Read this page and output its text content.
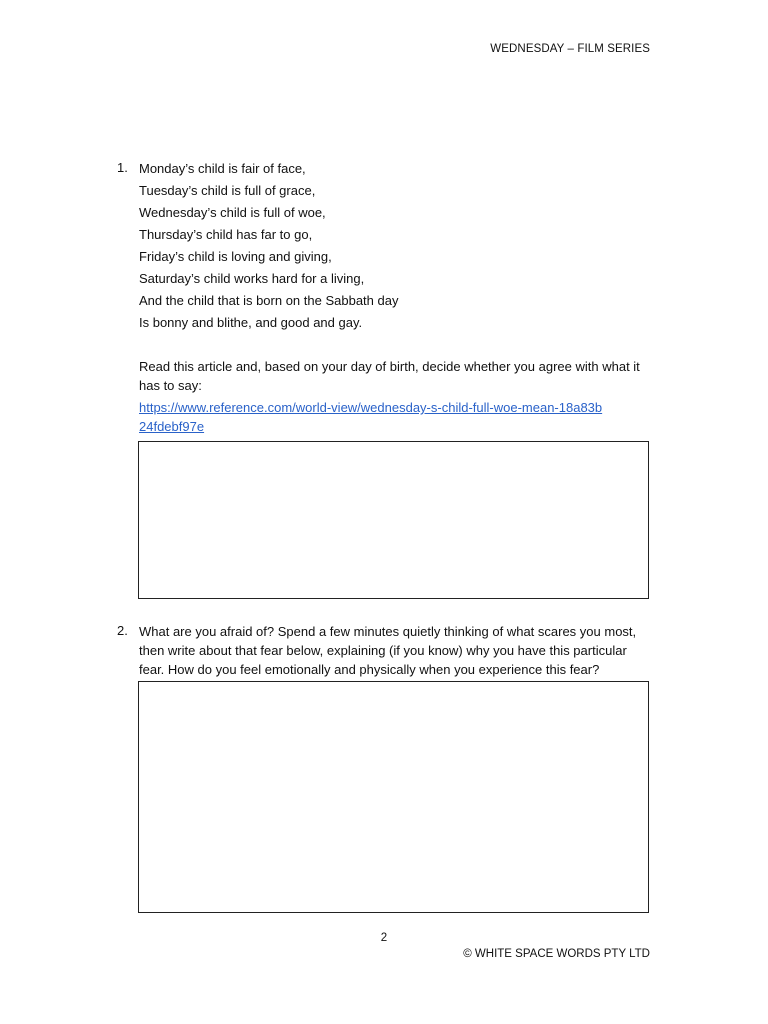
WEDNESDAY – FILM SERIES
1. Monday’s child is fair of face,
Tuesday’s child is full of grace,
Wednesday’s child is full of woe,
Thursday’s child has far to go,
Friday’s child is loving and giving,
Saturday’s child works hard for a living,
And the child that is born on the Sabbath day
Is bonny and blithe, and good and gay.
Read this article and, based on your day of birth, decide whether you agree with what it has to say:
https://www.reference.com/world-view/wednesday-s-child-full-woe-mean-18a83b24fdebf97e
2. What are you afraid of? Spend a few minutes quietly thinking of what scares you most, then write about that fear below, explaining (if you know) why you have this particular fear. How do you feel emotionally and physically when you experience this fear?
2
© WHITE SPACE WORDS PTY LTD
